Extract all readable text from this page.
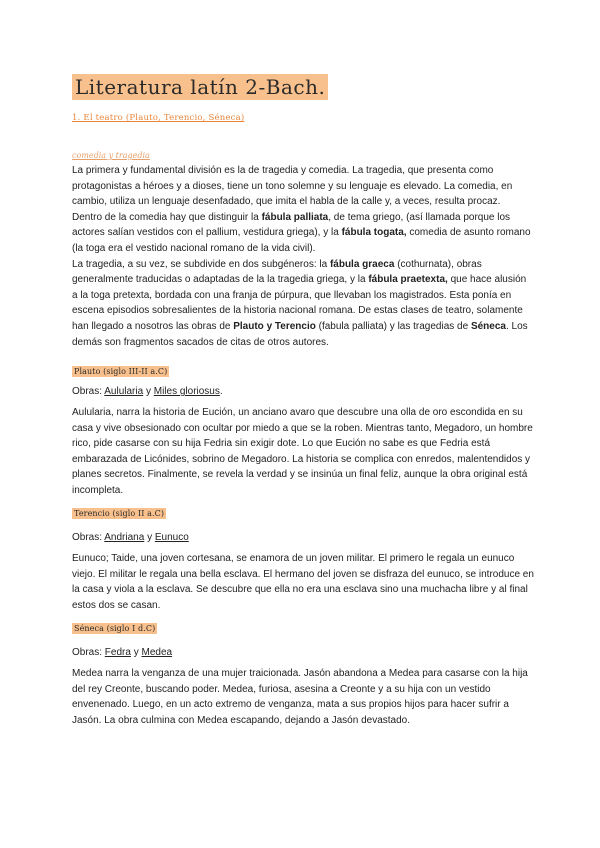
Literatura latín 2-Bach.
1. El teatro (Plauto, Terencio, Séneca)
comedia y tragedia

La primera y fundamental división es la de tragedia y comedia. La tragedia, que presenta como protagonistas a héroes y a dioses, tiene un tono solemne y su lenguaje es elevado. La comedia, en cambio, utiliza un lenguaje desenfadado, que imita el habla de la calle y, a veces, resulta procaz.
Dentro de la comedia hay que distinguir la fábula palliata, de tema griego, (así llamada porque los actores salían vestidos con el pallium, vestidura griega), y la fábula togata, comedia de asunto romano (la toga era el vestido nacional romano de la vida civil).
La tragedia, a su vez, se subdivide en dos subgéneros: la fábula graeca (cothurnata), obras generalmente traducidas o adaptadas de la la tragedia griega, y la fábula praetexta, que hace alusión a la toga pretexta, bordada con una franja de púrpura, que llevaban los magistrados. Esta ponía en escena episodios sobresalientes de la historia nacional romana. De estas clases de teatro, solamente han llegado a nosotros las obras de Plauto y Terencio (fabula palliata) y las tragedias de Séneca. Los demás son fragmentos sacados de citas de otros autores.

Plauto (siglo III-II a.C)
Obras: Aulularia y Miles gloriosus.

Aulularia, narra la historia de Eución, un anciano avaro que descubre una olla de oro escondida en su casa y vive obsesionado con ocultar por miedo a que se la roben. Mientras tanto, Megadoro, un hombre rico, pide casarse con su hija Fedria sin exigir dote. Lo que Eución no sabe es que Fedria está embarazada de Licónides, sobrino de Megadoro. La historia se complica con enredos, malentendidos y planes secretos. Finalmente, se revela la verdad y se insinúa un final feliz, aunque la obra original está incompleta.

Terencio (siglo II a.C)
Obras: Andriana y Eunuco

Eunuco; Taide, una joven cortesana, se enamora de un joven militar. El primero le regala un eunuco viejo. El militar le regala una bella esclava. El hermano del joven se disfraza del eunuco, se introduce en la casa y viola a la esclava. Se descubre que ella no era una esclava sino una muchacha libre y al final estos dos se casan.

Séneca (siglo I d.C)
Obras: Fedra y Medea

Medea narra la venganza de una mujer traicionada. Jasón abandona a Medea para casarse con la hija del rey Creonte, buscando poder. Medea, furiosa, asesina a Creonte y a su hija con un vestido envenenado. Luego, en un acto extremo de venganza, mata a sus propios hijos para hacer sufrir a Jasón. La obra culmina con Medea escapando, dejando a Jasón devastado.
